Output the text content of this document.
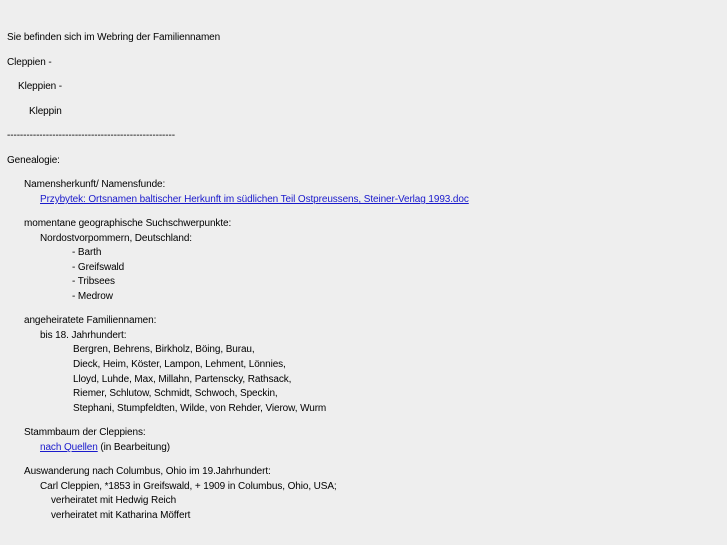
Sie befinden sich im Webring der Familiennamen
Cleppien -
Kleppien -
Kleppin
----------------------------------------------------
Genealogie:
Namensherkunft/ Namensfunde:
Przybytek: Ortsnamen baltischer Herkunft im südlichen Teil Ostpreussens, Steiner-Verlag 1993.doc
momentane geographische Suchschwerpunkte:
Nordostvorpommern, Deutschland:
- Barth
- Greifswald
- Tribsees
- Medrow
angeheiratete Familiennamen:
bis 18. Jahrhundert:
Bergren, Behrens, Birkholz, Böing, Burau,
Dieck, Heim, Köster, Lampon, Lehment, Lönnies,
Lloyd, Luhde, Max, Millahn, Partenscky, Rathsack,
Riemer, Schlutow, Schmidt, Schwoch, Speckin,
Stephani, Stumpfeldten, Wilde, von Rehder, Vierow, Wurm
Stammbaum der Cleppiens:
nach Quellen (in Bearbeitung)
Auswanderung nach Columbus, Ohio im 19.Jahrhundert:
Carl Cleppien, *1853 in Greifswald, + 1909 in Columbus, Ohio, USA;
verheiratet mit Hedwig Reich
verheiratet mit Katharina Möffert
